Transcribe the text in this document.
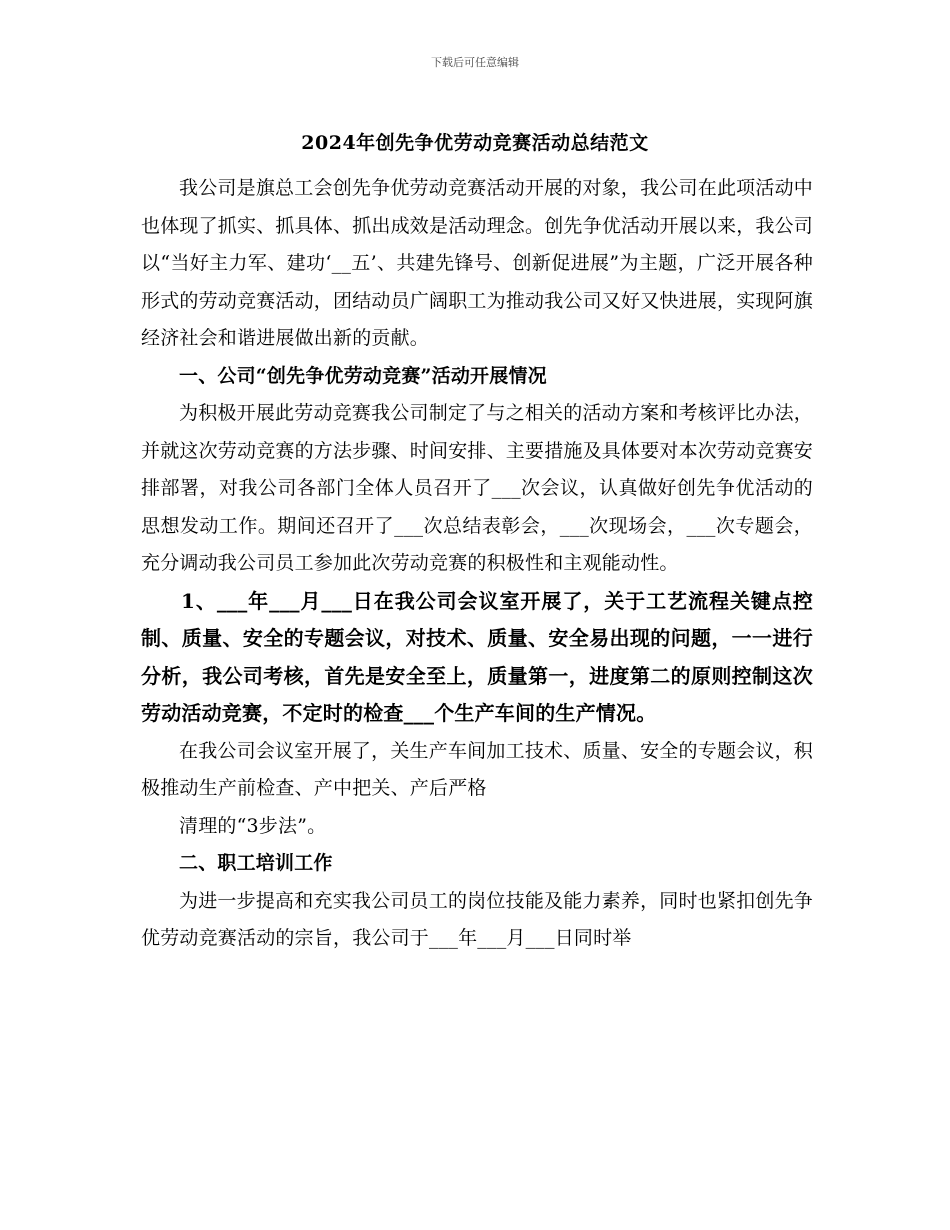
下载后可任意编辑
2024年创先争优劳动竞赛活动总结范文

我公司是旗总工会创先争优劳动竞赛活动开展的对象，我公司在此项活动中也体现了抓实、抓具体、抓出成效是活动理念。创先争优活动开展以来，我公司以“当好主力军、建功‘__五’、共建先锋号、创新促进展”为主题，广泛开展各种形式的劳动竞赛活动，团结动员广阔职工为推动我公司又好又快进展，实现阿旗经济社会和谐进展做出新的贡献。

一、公司“创先争优劳动竞赛”活动开展情况

为积极开展此劳动竞赛我公司制定了与之相关的活动方案和考核评比办法，并就这次劳动竞赛的方法步骤、时间安排、主要措施及具体要对本次劳动竞赛安排部署，对我公司各部门全体人员召开了___次会议，认真做好创先争优活动的思想发动工作。期间还召开了___次总结表彰会，___次现场会，___次专题会，充分调动我公司员工参加此次劳动竞赛的积极性和主观能动性。

1、___年___月___日在我公司会议室开展了，关于工艺流程关键点控制、质量、安全的专题会议，对技术、质量、安全易出现的问题，一一进行分析，我公司考核，首先是安全至上，质量第一，进度第二的原则控制这次劳动活动竞赛，不定时的检查___个生产车间的生产情况。

在我公司会议室开展了，关生产车间加工技术、质量、安全的专题会议，积极推动生产前检查、产中把关、产后严格

清理的“3步法”。

二、职工培训工作

为进一步提高和充实我公司员工的岗位技能及能力素养，同时也紧扣创先争优劳动竞赛活动的宗旨，我公司于___年___月___日同时举
